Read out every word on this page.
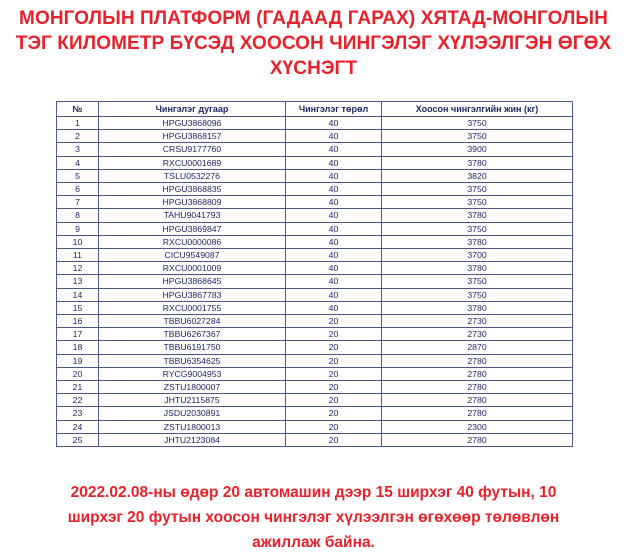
МОНГОЛЫН ПЛАТФОРМ (ГАДААД ГАРАХ) ХЯТАД-МОНГОЛЫН
ТЭГ КИЛОМЕТР БҮСЭД ХООСОН ЧИНГЭЛЭГ ХҮЛЭЭЛГЭН ӨГӨХ
ХҮСНЭГТ
№	Чингэлэг дугаар	Чингэлэг төрөл	Хоосон чингэлгийн жин (кг)
1	HPGU3868096	40	3750
2	HPGU3868157	40	3750
3	CRSU9177760	40	3900
4	RXCU0001689	40	3780
5	TSLU0532276	40	3820
6	HPGU3868835	40	3750
7	HPGU3868809	40	3750
8	TAHU9041793	40	3780
9	HPGU3869847	40	3750
10	RXCU0000086	40	3780
11	CICU9549087	40	3700
12	RXCU0001009	40	3780
13	HPGU3868645	40	3750
14	HPGU3867783	40	3750
15	RXCU0001755	40	3780
16	TBBU6027284	20	2730
17	TBBU6267367	20	2730
18	TBBU6191750	20	2870
19	TBBU6354625	20	2780
20	RYCG9004953	20	2780
21	ZSTU1800007	20	2780
22	JHTU2115875	20	2780
23	JSDU2030891	20	2780
24	ZSTU1800013	20	2300
25	JHTU2123084	20	2780
2022.02.08-ны өдөр 20 автомашин дээр 15 ширхэг 40 футын, 10
ширхэг 20 футын хоосон чингэлэг хүлээлгэн өгөхөөр төлөвлөн
ажиллаж байна.
